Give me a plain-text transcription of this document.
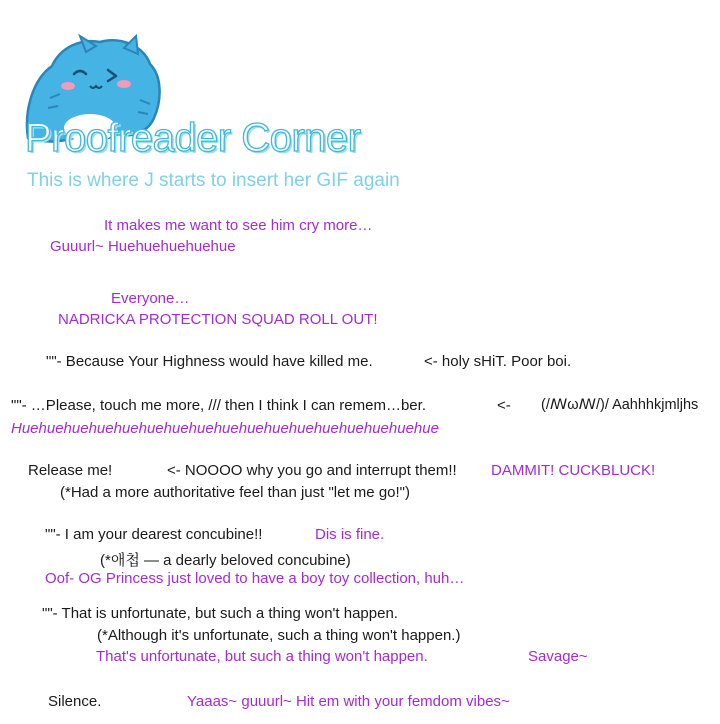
Proofreader Corner
This is where J starts to insert her GIF again
It makes me want to see him cry more…
Guuurl~ Huehuehuehuehue
Everyone…
NADRICKA PROTECTION SQUAD ROLL OUT!
""- Because Your Highness would have killed me.	<- holy sHiT. Poor boi.
""- …Please, touch me more, /// then I think I can remem…ber.	<- (/ꟿωꟿ/)/ Aahhhkjmljhs
Huehuehuehuehuehuehuehuehuehuehuehuehuehuehuehuehue
Release me!	<- NOOOO why you go and interrupt them!! DAMMIT! CUCKBLUCK!
(*Had a more authoritative feel than just "let me go!")
""- I am your dearest concubine!!	Dis is fine.
(*애첩 — a dearly beloved concubine)
Oof- OG Princess just loved to have a boy toy collection, huh…
""- That is unfortunate, but such a thing won't happen.
(*Although it's unfortunate, such a thing won't happen.)
That's unfortunate, but such a thing won't happen.	Savage~
Silence.	Yaaas~ guuurl~ Hit em with your femdom vibes~
